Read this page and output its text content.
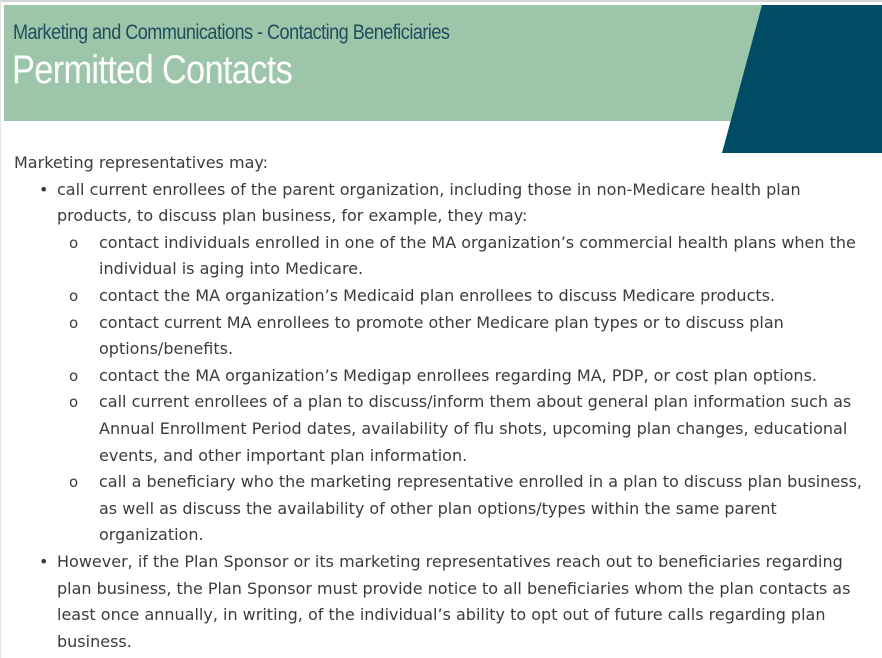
Marketing and Communications - Contacting Beneficiaries
Permitted Contacts
Marketing representatives may:
• call current enrollees of the parent organization, including those in non-Medicare health plan products, to discuss plan business, for example, they may:
o contact individuals enrolled in one of the MA organization’s commercial health plans when the individual is aging into Medicare.
o contact the MA organization’s Medicaid plan enrollees to discuss Medicare products.
o contact current MA enrollees to promote other Medicare plan types or to discuss plan options/benefits.
o contact the MA organization’s Medigap enrollees regarding MA, PDP, or cost plan options.
o call current enrollees of a plan to discuss/inform them about general plan information such as Annual Enrollment Period dates, availability of flu shots, upcoming plan changes, educational events, and other important plan information.
o call a beneficiary who the marketing representative enrolled in a plan to discuss plan business, as well as discuss the availability of other plan options/types within the same parent organization.
• However, if the Plan Sponsor or its marketing representatives reach out to beneficiaries regarding plan business, the Plan Sponsor must provide notice to all beneficiaries whom the plan contacts as least once annually, in writing, of the individual’s ability to opt out of future calls regarding plan business.
